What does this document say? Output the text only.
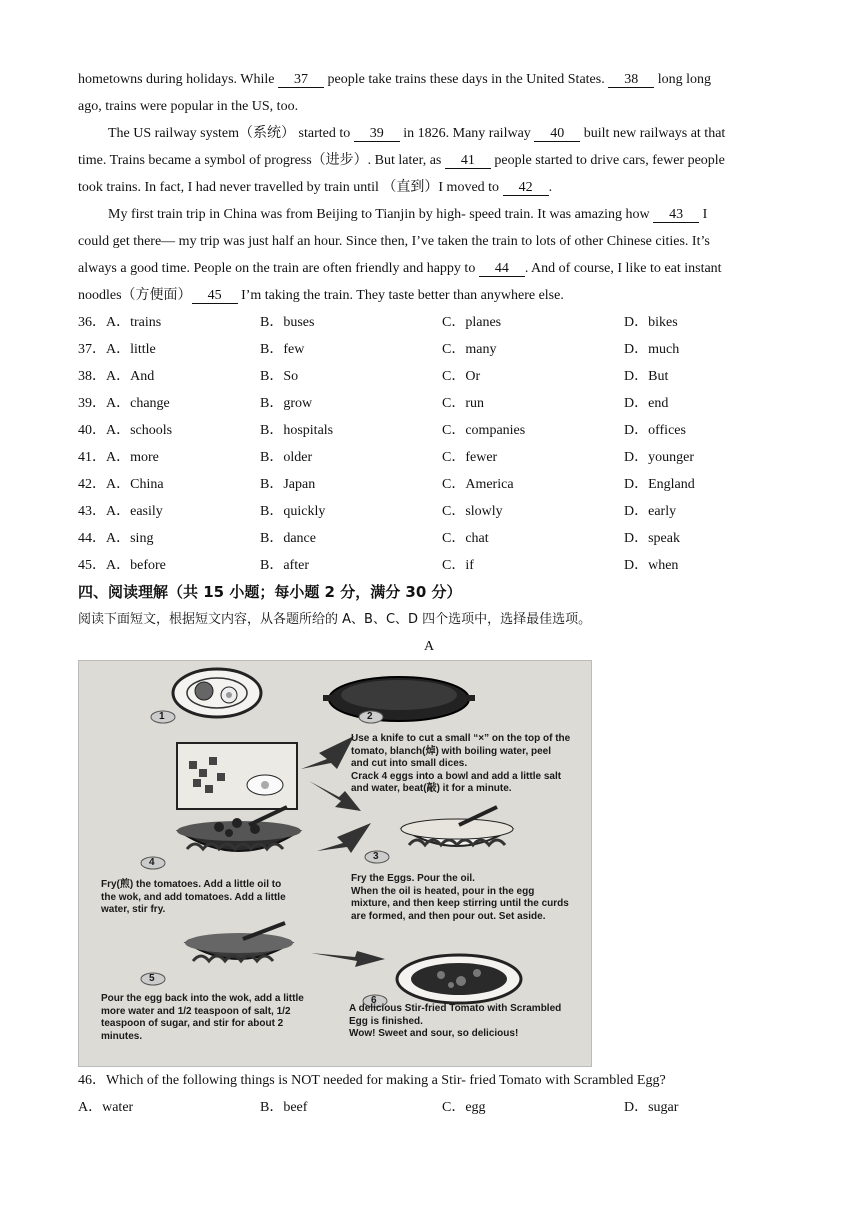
hometowns during holidays. While 37 people take trains these days in the United States. 38 long long
ago, trains were popular in the US, too.
The US railway system（系统） started to 39 in 1826. Many railway 40 built new railways at that
time. Trains became a symbol of progress（进步）. But later, as 41 people started to drive cars, fewer people
took trains. In fact, I had never travelled by train until （直到）I moved to 42 .
My first train trip in China was from Beijing to Tianjin by high- speed train. It was amazing how 43 I
could get there— my trip was just half an hour. Since then, I’ve taken the train to lots of other Chinese cities. It’s
always a good time. People on the train are often friendly and happy to 44 . And of course, I like to eat instant
noodles（方便面） 45 I’m taking the train. They taste better than anywhere else.
36．A．trains	B．buses	C．planes	D．bikes
37．A．little	B．few	C．many	D．much
38．A．And	B．So	C．Or	D．But
39．A．change	B．grow	C．run	D．end
40．A．schools	B．hospitals	C．companies	D．offices
41．A．more	B．older	C．fewer	D．younger
42．A．China	B．Japan	C．America	D．England
43．A．easily	B．quickly	C．slowly	D．early
44．A．sing	B．dance	C．chat	D．speak
45．A．before	B．after	C．if	D．when
四、阅读理解（共 15 小题；每小题 2 分，满分 30 分）
阅读下面短文，根据短文内容，从各题所给的 A、B、C、D 四个选项中，选择最佳选项。
A
1	2
3
4
5
6
Use a knife to cut a small “×” on the top of the
tomato, blanch(焯) with boiling water, peel
and cut into small dices.
Crack 4 eggs into a bowl and add a little salt
and water, beat(敲) it for a minute.
Fry the Eggs. Pour the oil.
When the oil is heated, pour in the egg
mixture, and then keep stirring until the curds
are formed, and then pour out. Set aside.
Fry(煎) the tomatoes. Add a little oil to
the wok, and add tomatoes. Add a little
water, stir fry.
Pour the egg back into the wok, add a little
more water and 1/2 teaspoon of salt, 1/2
teaspoon of sugar, and stir for about 2
minutes.
A delicious Stir-fried Tomato with Scrambled
Egg is finished.
Wow! Sweet and sour, so delicious!
46．Which of the following things is NOT needed for making a Stir- fried Tomato with Scrambled Egg?
A．water	B．beef	C．egg	D．sugar
